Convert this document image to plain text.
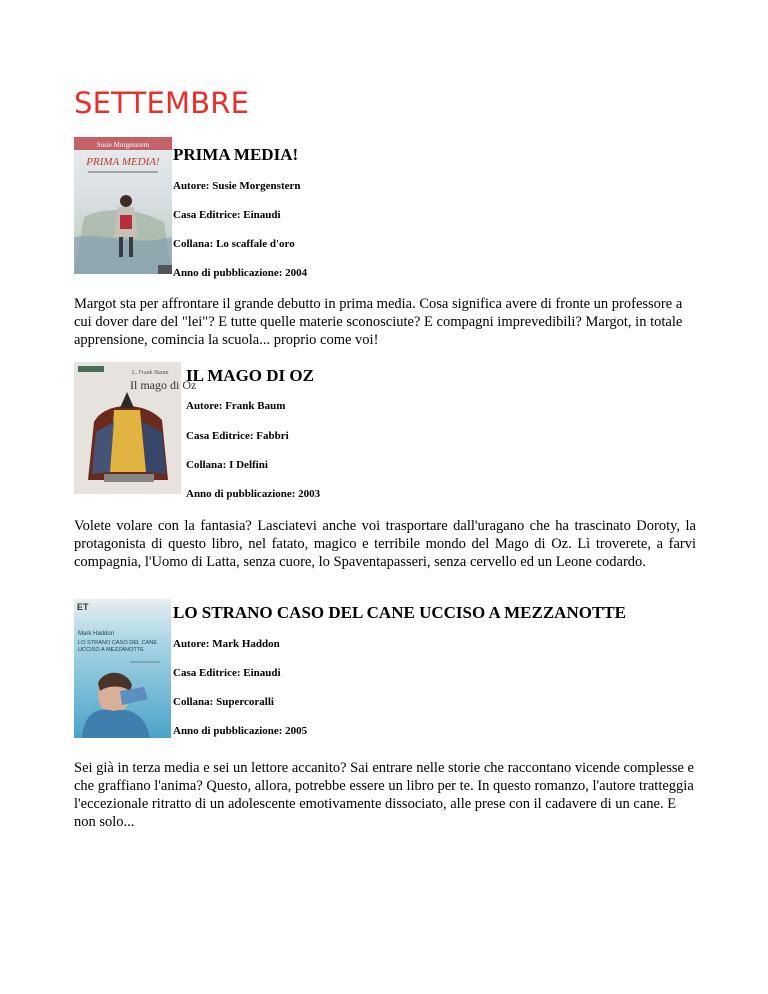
SETTEMBRE
Susie Morgenstern
PRIMA MEDIA! PRIMA MEDIA!
Autore: Susie Morgenstern
Casa Editrice: Einaudi
Collana: Lo scaffale d'oro
Anno di pubblicazione: 2004
Margot sta per affrontare il grande debutto in prima media. Cosa significa avere di fronte un professore a cui dover dare del "lei"? E tutte quelle materie sconosciute? E compagni imprevedibili? Margot, in totale apprensione, comincia la scuola... proprio come voi!
L. Frank Baum
Il mago di Oz
IL MAGO DI OZ
Autore: Frank Baum
Casa Editrice: Fabbri
Collana: I Delfini
Anno di pubblicazione: 2003
Volete volare con la fantasia? Lasciatevi anche voi trasportare dall'uragano che ha trascinato Doroty, la protagonista di questo libro, nel fatato, magico e terribile mondo del Mago di Oz. Lì troverete, a farvi compagnia, l'Uomo di Latta, senza cuore, lo Spaventapasseri, senza cervello ed un Leone codardo.
ET
Mark Haddon
LO STRANO CASO DEL CANE
UCCISO A MEZZANOTTE
LO STRANO CASO DEL CANE UCCISO A MEZZANOTTE
Autore: Mark Haddon
Casa Editrice: Einaudi
Collana: Supercoralli
Anno di pubblicazione: 2005
Sei già in terza media e sei un lettore accanito? Sai entrare nelle storie che raccontano vicende complesse e che graffiano l'anima? Questo, allora, potrebbe essere un libro per te. In questo romanzo, l'autore tratteggia l'eccezionale ritratto di un adolescente emotivamente dissociato, alle prese con il cadavere di un cane. E non solo...
